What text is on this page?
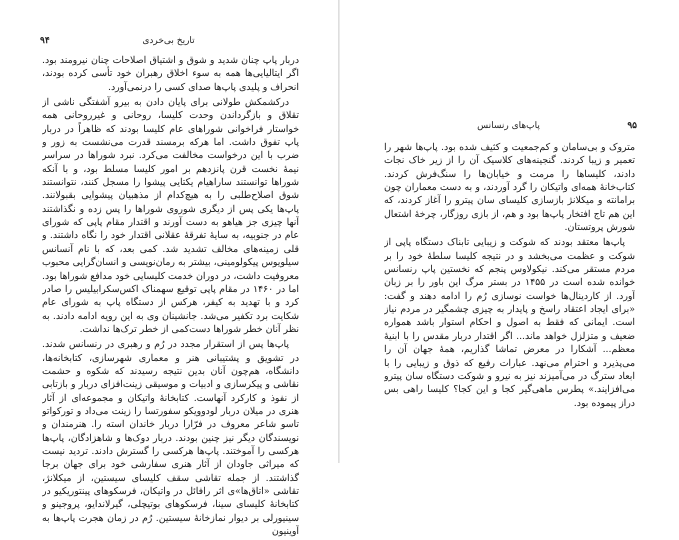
تاریخ بی‌خردی
۹۴

دربار پاپ چنان شدید و شوق و اشتیاق اصلاحات چنان نیرومند بود. اگر ایتالیایی‌ها همه به سوء اخلاق رهبران خود تأسی کرده بودند، انحراف و پلیدی پاپ‌ها صدای کسی را درنمی‌آورد.

درکشمکش طولانی برای پایان دادن به بیرو آشفتگی ناشی از تقلاق و بازگرداندن وحدت کلیسا، روحانی و غیرروحانی همه خواستار فراخوانی شوراهای عام کلیسا بودند که ظاهراً در دربار پاپ تفوق داشت. اما هرکه برمسند قدرت می‌نشست به زور و ضرب با این درخواست مخالفت می‌کرد. نبرد شوراها در سراسر نیمهٔ نخست قرن پانزدهم بر امور کلیسا مسلط بود، و با آنکه شوراها توانستند ساراهیام یکتایی پیشوا را مسجل کنند، نتوانستند شوق اصلاح‌طلبی را به هیچ‌کدام از مذهبیان پیشوایی بقبولانند. پاپ‌ها یکی پس از دیگری شوروی شوراها را پس زده و نگذاشتند آنها چیزی جز هیاهو به دست آورند و اقتدار مقام پاپی که شورای عام در جنوبیه، به سایهٔ تفرقهٔ عقلانی اقتدار خود را نگاه داشتند. و قلی زمینه‌های مخالف تشدید شد. کمی بعد، که با نام آنسانس سیلویوس پیکولومینی، بیشتر به رمان‌نویسی و انسان‌گرایی محبوب معروفیت داشت، در دوران خدمت کلیسایی خود مدافع شوراها بود. اما در ۱۴۶۰ در مقام پاپی توقیع سهمناک اکس‌سکرابیلیس را صادر کرد و با تهدید به کیفر، هرکس از دستگاه پاپ به شورای عام شکایت برد تکفیر می‌شد. جانشینان وی به این رویه ادامه دادند. به نظر آنان خطر شوراها دست‌کمی از خطر ترک‌ها نداشت.

پاپ‌ها پس از استقرار مجدد در رُم و رهبری در رنسانس شدند. در تشویق و پشتیبانی هنر و معماری شهرسازی، کتابخانه‌ها، دانشگاه، هم‌چون آنان بدین نتیجه رسیدند که شکوه و حشمت نقاشی و پیکرسازی و ادبیات و موسیقی زینت‌افزای دربار و بازتابی از نفوذ و کارکرد آنهاست. کتابخانهٔ واتیکان و مجموعه‌ای از آثار هنری در میلان دربار لودوویکو سفورتسا را زینت می‌داد و تورکواتو تاسو شاعر معروف در فرّارا دربار خاندان استه را. هنرمندان و نویسندگان دیگر نیز چنین بودند. دربار دوک‌ها و شاهزادگان، پاپ‌ها هرکسی را آموختند. پاپ‌ها هرکسی را گسترش دادند. تردید نیست که میراثی جاودان از آثار هنری سفارشی خود برای جهان برجا گذاشتند. از جمله تقاشی سقف کلیسای سیستین، از میکلانژ، تقاشی «اتاق‌ها»ی اثر رافائل در واتیکان، فرسکوهای پینتوریکیو در کتابخانهٔ کلیسای سینا، فرسکوهای بوتیچلی، گیرلاندایو، پروجینو و سینیورلی بر دیوار نمازخانهٔ سیستین. رُم در زمان هجرت پاپ‌ها به آوینیون

پاپ‌های رنسانس	۹۵

متروک و بی‌سامان و کم‌جمعیت و کثیف شده بود. پاپ‌ها شهر را تعمیر و زیبا کردند. گنجینه‌های کلاسیک آن را از زیر خاک نجات دادند، کلیساها را مرمت و خیابان‌ها را سنگ‌فرش کردند. کتاب‌خانهٔ همه‌ای واتیکان را گرد آوردند، و به دست معماران چون برامانته و میکلانژ بازسازی کلیسای سان پیترو را آغاز کردند، که این هم تاج افتخار پاپ‌ها بود و هم، از بازی روزگار، چرخهٔ اشتعال شورش پروتستان.

پاپ‌ها معتقد بودند که شوکت و زیبایی تابناک دستگاه پاپی از شوکت و عظمت می‌بخشد و در نتیجه کلیسا سلطهٔ خود را بر مردم مستقر می‌کند. نیکولاوس پنجم که نخستین پاپ رنسانس خوانده شده است در ۱۴۵۵ در بستر مرگ این باور را بر زبان آورد. از کاردینال‌ها خواست نوسازی رُم را ادامه دهند و گفت: «برای ایجاد اعتقاد راسخ و پایدار به چیزی چشمگیر در مردم نیاز است. ایمانی که فقط به اصول و احکام استوار باشد همواره ضعیف و متزلزل خواهد ماند... اگر اقتدار دربار مقدس را با ابنیهٔ معظم... آشکارا در معرض تماشا گذاریم، همهٔ جهان آن را می‌پذیرد و احترام می‌نهد. عبارات رفیع که ذوق و زیبایی را با ابعاد سترگ در می‌آمیزند نیز به نیرو و شوکت دستگاه سان پیترو می‌افزایند.» پطرس ماهی‌گیر کجا و این کجا؟ کلیسا راهی بس دراز پیموده بود.
